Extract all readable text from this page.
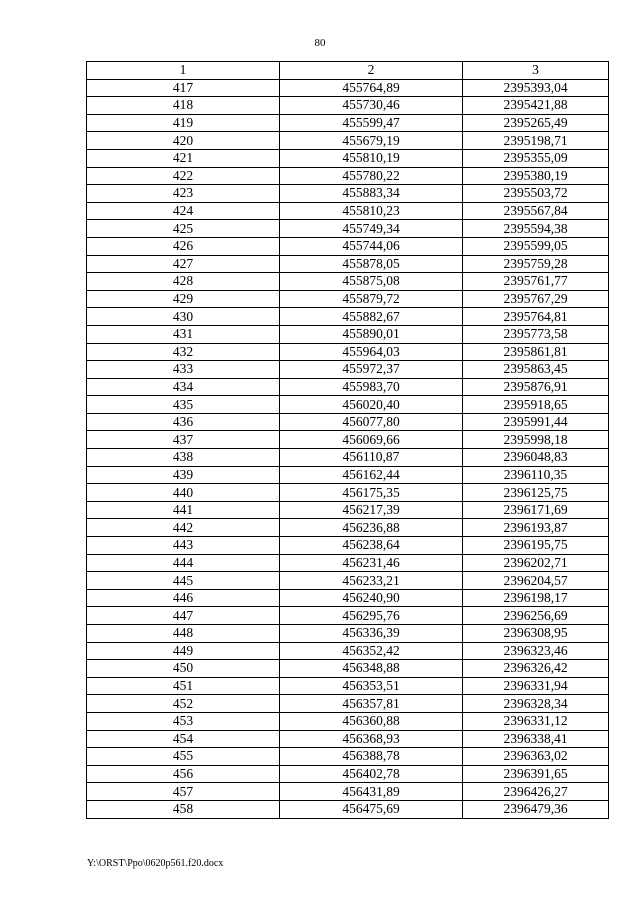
80
1	2	3
417	455764,89	2395393,04
418	455730,46	2395421,88
419	455599,47	2395265,49
420	455679,19	2395198,71
421	455810,19	2395355,09
422	455780,22	2395380,19
423	455883,34	2395503,72
424	455810,23	2395567,84
425	455749,34	2395594,38
426	455744,06	2395599,05
427	455878,05	2395759,28
428	455875,08	2395761,77
429	455879,72	2395767,29
430	455882,67	2395764,81
431	455890,01	2395773,58
432	455964,03	2395861,81
433	455972,37	2395863,45
434	455983,70	2395876,91
435	456020,40	2395918,65
436	456077,80	2395991,44
437	456069,66	2395998,18
438	456110,87	2396048,83
439	456162,44	2396110,35
440	456175,35	2396125,75
441	456217,39	2396171,69
442	456236,88	2396193,87
443	456238,64	2396195,75
444	456231,46	2396202,71
445	456233,21	2396204,57
446	456240,90	2396198,17
447	456295,76	2396256,69
448	456336,39	2396308,95
449	456352,42	2396323,46
450	456348,88	2396326,42
451	456353,51	2396331,94
452	456357,81	2396328,34
453	456360,88	2396331,12
454	456368,93	2396338,41
455	456388,78	2396363,02
456	456402,78	2396391,65
457	456431,89	2396426,27
458	456475,69	2396479,36
Y:\ORST\Ppo\0620p561.f20.docx
